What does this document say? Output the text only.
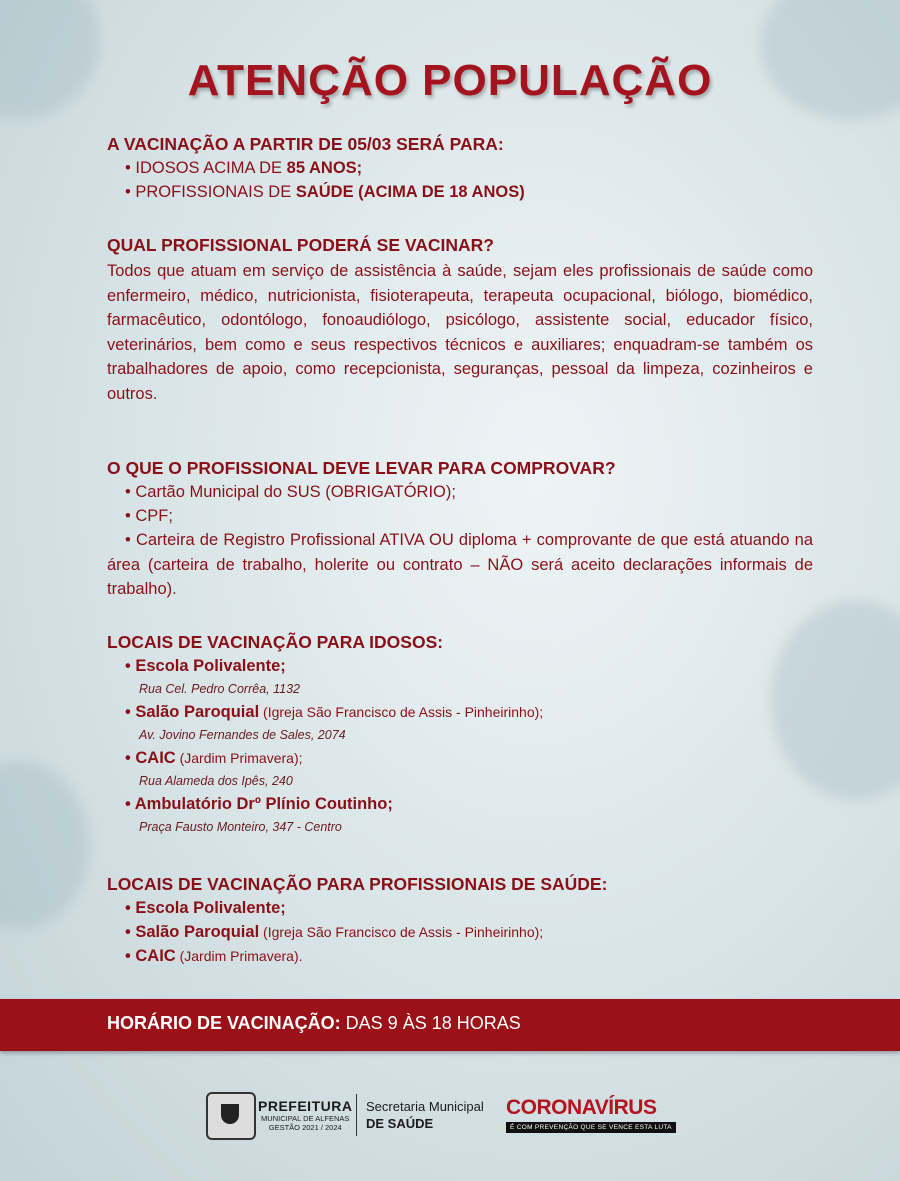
ATENÇÃO POPULAÇÃO

A VACINAÇÃO A PARTIR DE 05/03 SERÁ PARA:

• IDOSOS ACIMA DE 85 ANOS;

• PROFISSIONAIS DE SAÚDE (ACIMA DE 18 ANOS)

QUAL PROFISSIONAL PODERÁ SE VACINAR?

Todos que atuam em serviço de assistência à saúde, sejam eles profissionais de saúde como enfermeiro, médico, nutricionista, fisioterapeuta, terapeuta ocupacional, biólogo, biomédico, farmacêutico, odontólogo, fonoaudiólogo, psicólogo, assistente social, educador físico, veterinários, bem como e seus respectivos técnicos e auxiliares; enquadram-se também os trabalhadores de apoio, como recepcionista, seguranças, pessoal da limpeza, cozinheiros e outros.

O QUE O PROFISSIONAL DEVE LEVAR PARA COMPROVAR?

• Cartão Municipal do SUS (OBRIGATÓRIO);

• CPF;

• Carteira de Registro Profissional ATIVA OU diploma + comprovante de que está atuando na área (carteira de trabalho, holerite ou contrato – NÃO será aceito declarações informais de trabalho).

LOCAIS DE VACINAÇÃO PARA IDOSOS:

• Escola Polivalente;

Rua Cel. Pedro Corrêa, 1132

• Salão Paroquial (Igreja São Francisco de Assis - Pinheirinho);

Av. Jovino Fernandes de Sales, 2074

• CAIC (Jardim Primavera);

Rua Alameda dos Ipês, 240

• Ambulatório Drº Plínio Coutinho;

Praça Fausto Monteiro, 347 - Centro

LOCAIS DE VACINAÇÃO PARA PROFISSIONAIS DE SAÚDE:

• Escola Polivalente;

• Salão Paroquial (Igreja São Francisco de Assis - Pinheirinho);

• CAIC (Jardim Primavera).

HORÁRIO DE VACINAÇÃO: DAS 9 ÀS 18 HORAS
PREFEITURA
MUNICIPAL DE ALFENAS
GESTÃO 2021 / 2024
Secretaria Municipal
DE SAÚDE
CORONAVÍRUS
É COM PREVENÇÃO QUE SE VENCE ESTA LUTA
